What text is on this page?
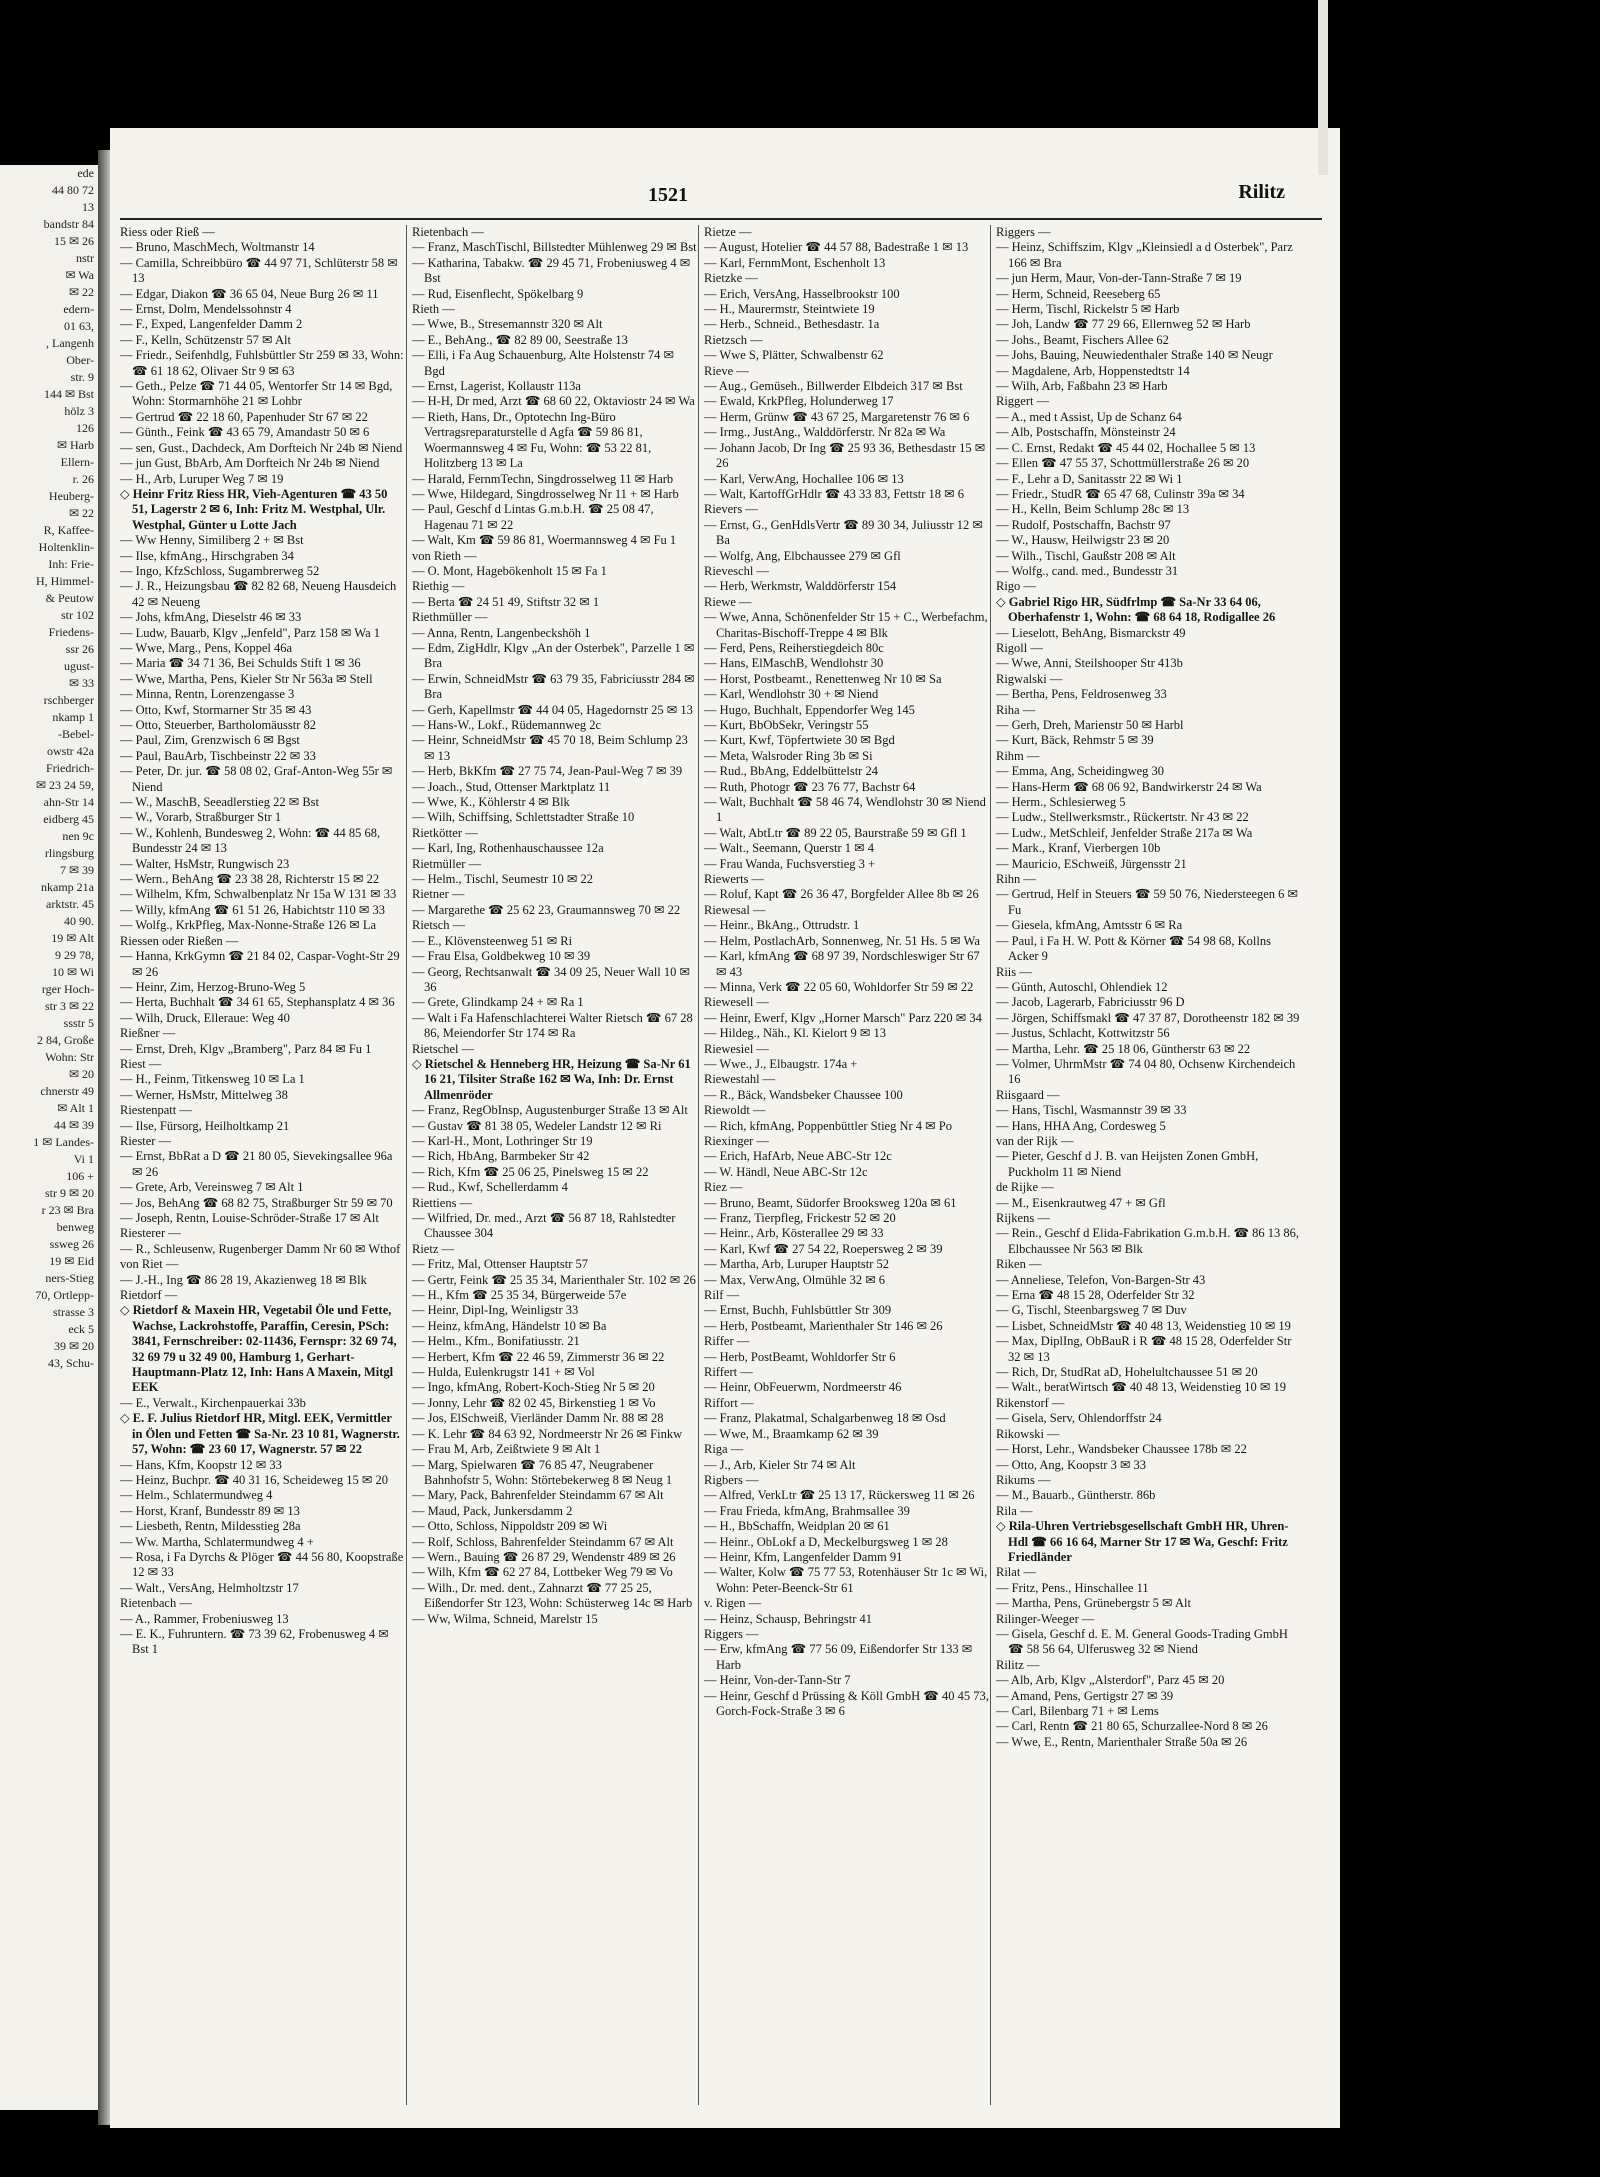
ede
44 80 72
13
bandstr 84
15 ✉ 26
nstr
✉ Wa
✉ 22
edern-
01 63,
, Langenh
Ober-
str. 9
144 ✉ Bst
hölz 3
126
✉ Harb
Ellern-
r. 26
Heuberg-
✉ 22
R, Kaffee-
Holtenklin-
Inh: Frie-
H, Himmel-
& Peutow
str 102
Friedens-
ssr 26
ugust-
✉ 33
rschberger
nkamp 1
-Bebel-
owstr 42a
Friedrich-
✉ 23 24 59,
ahn-Str 14
eidberg 45
nen 9c
rlingsburg
7 ✉ 39
nkamp 21a
arktstr. 45
40 90.
19 ✉ Alt
9 29 78,
10 ✉ Wi
rger Hoch-
str 3 ✉ 22
ssstr 5
2 84, Große
Wohn: Str
✉ 20
chnerstr 49
✉ Alt 1
44 ✉ 39
1 ✉ Landes-
Vi 1
106 +
str 9 ✉ 20
r 23 ✉ Bra
benweg
ssweg 26
19 ✉ Eid
ners-Stieg
70, Ortlepp-
strasse 3
eck 5
39 ✉ 20
43, Schu-
1521	Rilitz

Riess oder Rieß —

— Bruno, MaschMech, Woltmanstr 14

— Camilla, Schreibbüro ☎ 44 97 71, Schlüterstr 58 ✉ 13

— Edgar, Diakon ☎ 36 65 04, Neue Burg 26 ✉ 11

— Ernst, Dolm, Mendelssohnstr 4

— F., Exped, Langenfelder Damm 2

— F., Kelln, Schützenstr 57 ✉ Alt

— Friedr., Seifenhdlg, Fuhlsbüttler Str 259 ✉ 33, Wohn: ☎ 61 18 62, Olivaer Str 9 ✉ 63

— Geth., Pelze ☎ 71 44 05, Wentorfer Str 14 ✉ Bgd, Wohn: Stormarnhöhe 21 ✉ Lohbr

— Gertrud ☎ 22 18 60, Papenhuder Str 67 ✉ 22

— Günth., Feink ☎ 43 65 79, Amandastr 50 ✉ 6

— sen, Gust., Dachdeck, Am Dorfteich Nr 24b ✉ Niend

— jun Gust, BbArb, Am Dorfteich Nr 24b ✉ Niend

— H., Arb, Luruper Weg 7 ✉ 19

◇ Heinr Fritz Riess HR, Vieh-Agenturen ☎ 43 50 51, Lagerstr 2 ✉ 6, Inh: Fritz M. Westphal, Ulr. Westphal, Günter u Lotte Jach

— Ww Henny, Similiberg 2 + ✉ Bst

— Ilse, kfmAng., Hirschgraben 34

— Ingo, KfzSchloss, Sugambrerweg 52

— J. R., Heizungsbau ☎ 82 82 68, Neueng Hausdeich 42 ✉ Neueng

— Johs, kfmAng, Dieselstr 46 ✉ 33

— Ludw, Bauarb, Klgv „Jenfeld", Parz 158 ✉ Wa 1

— Wwe, Marg., Pens, Koppel 46a

— Maria ☎ 34 71 36, Bei Schulds Stift 1 ✉ 36

— Wwe, Martha, Pens, Kieler Str Nr 563a ✉ Stell

— Minna, Rentn, Lorenzengasse 3

— Otto, Kwf, Stormarner Str 35 ✉ 43

— Otto, Steuerber, Bartholomäusstr 82

— Paul, Zim, Grenzwisch 6 ✉ Bgst

— Paul, BauArb, Tischbeinstr 22 ✉ 33

— Peter, Dr. jur. ☎ 58 08 02, Graf-Anton-Weg 55r ✉ Niend

— W., MaschB, Seeadlerstieg 22 ✉ Bst

— W., Vorarb, Straßburger Str 1

— W., Kohlenh, Bundesweg 2, Wohn: ☎ 44 85 68, Bundesstr 24 ✉ 13

— Walter, HsMstr, Rungwisch 23

— Wern., BehAng ☎ 23 38 28, Richterstr 15 ✉ 22

— Wilhelm, Kfm, Schwalbenplatz Nr 15a W 131 ✉ 33

— Willy, kfmAng ☎ 61 51 26, Habichtstr 110 ✉ 33

— Wolfg., KrkPfleg, Max-Nonne-Straße 126 ✉ La

Riessen oder Rießen —

— Hanna, KrkGymn ☎ 21 84 02, Caspar-Voght-Str 29 ✉ 26

— Heinr, Zim, Herzog-Bruno-Weg 5

— Herta, Buchhalt ☎ 34 61 65, Stephansplatz 4 ✉ 36

— Wilh, Druck, Elleraue: Weg 40

Rießner —

— Ernst, Dreh, Klgv „Bramberg", Parz 84 ✉ Fu 1

Riest —

— H., Feinm, Titkensweg 10 ✉ La 1

— Werner, HsMstr, Mittelweg 38

Riestenpatt —

— Ilse, Fürsorg, Heilholtkamp 21

Riester —

— Ernst, BbRat a D ☎ 21 80 05, Sievekingsallee 96a ✉ 26

— Grete, Arb, Vereinsweg 7 ✉ Alt 1

— Jos, BehAng ☎ 68 82 75, Straßburger Str 59 ✉ 70

— Joseph, Rentn, Louise-Schröder-Straße 17 ✉ Alt

Riesterer —

— R., Schleusenw, Rugenberger Damm Nr 60 ✉ Wthof

von Riet —

— J.-H., Ing ☎ 86 28 19, Akazienweg 18 ✉ Blk

Rietdorf —

◇ Rietdorf & Maxein HR, Vegetabil Öle und Fette, Wachse, Lackrohstoffe, Paraffin, Ceresin, PSch: 3841, Fernschreiber: 02-11436, Fernspr: 32 69 74, 32 69 79 u 32 49 00, Hamburg 1, Gerhart-Hauptmann-Platz 12, Inh: Hans A Maxein, Mitgl EEK

— E., Verwalt., Kirchenpauerkai 33b

◇ E. F. Julius Rietdorf HR, Mitgl. EEK, Vermittler in Ölen und Fetten ☎ Sa-Nr. 23 10 81, Wagnerstr. 57, Wohn: ☎ 23 60 17, Wagnerstr. 57 ✉ 22

— Hans, Kfm, Koopstr 12 ✉ 33

— Heinz, Buchpr. ☎ 40 31 16, Scheideweg 15 ✉ 20

— Helm., Schlatermundweg 4

— Horst, Kranf, Bundesstr 89 ✉ 13

— Liesbeth, Rentn, Mildesstieg 28a

— Ww. Martha, Schlatermundweg 4 +

— Rosa, i Fa Dyrchs & Plöger ☎ 44 56 80, Koopstraße 12 ✉ 33

— Walt., VersAng, Helmholtzstr 17

Rietenbach —

— A., Rammer, Frobeniusweg 13

— E. K., Fuhruntern. ☎ 73 39 62, Frobenusweg 4 ✉ Bst 1

Rietenbach —

— Franz, MaschTischl, Billstedter Mühlenweg 29 ✉ Bst

— Katharina, Tabakw. ☎ 29 45 71, Frobeniusweg 4 ✉ Bst

— Rud, Eisenflecht, Spökelbarg 9

Rieth —

— Wwe, B., Stresemannstr 320 ✉ Alt

— E., BehAng., ☎ 82 89 00, Seestraße 13

— Elli, i Fa Aug Schauenburg, Alte Holstenstr 74 ✉ Bgd

— Ernst, Lagerist, Kollaustr 113a

— H-H, Dr med, Arzt ☎ 68 60 22, Oktaviostr 24 ✉ Wa

— Rieth, Hans, Dr., Optotechn Ing-Büro Vertragsreparaturstelle d Agfa ☎ 59 86 81, Woermannsweg 4 ✉ Fu, Wohn: ☎ 53 22 81, Holitzberg 13 ✉ La

— Harald, FernmTechn, Singdrosselweg 11 ✉ Harb

— Wwe, Hildegard, Singdrosselweg Nr 11 + ✉ Harb

— Paul, Geschf d Lintas G.m.b.H. ☎ 25 08 47, Hagenau 71 ✉ 22

— Walt, Km ☎ 59 86 81, Woermannsweg 4 ✉ Fu 1

von Rieth —

— O. Mont, Hagebökenholt 15 ✉ Fa 1

Riethig —

— Berta ☎ 24 51 49, Stiftstr 32 ✉ 1

Riethmüller —

— Anna, Rentn, Langenbeckshöh 1

— Edm, ZigHdlr, Klgv „An der Osterbek", Parzelle 1 ✉ Bra

— Erwin, SchneidMstr ☎ 63 79 35, Fabriciusstr 284 ✉ Bra

— Gerh, Kapellmstr ☎ 44 04 05, Hagedornstr 25 ✉ 13

— Hans-W., Lokf., Rüdemannweg 2c

— Heinr, SchneidMstr ☎ 45 70 18, Beim Schlump 23 ✉ 13

— Herb, BkKfm ☎ 27 75 74, Jean-Paul-Weg 7 ✉ 39

— Joach., Stud, Ottenser Marktplatz 11

— Wwe, K., Köhlerstr 4 ✉ Blk

— Wilh, Schiffsing, Schlettstadter Straße 10

Rietkötter —

— Karl, Ing, Rothenhauschaussee 12a

Rietmüller —

— Helm., Tischl, Seumestr 10 ✉ 22

Rietner —

— Margarethe ☎ 25 62 23, Graumannsweg 70 ✉ 22

Rietsch —

— E., Klövensteenweg 51 ✉ Ri

— Frau Elsa, Goldbekweg 10 ✉ 39

— Georg, Rechtsanwalt ☎ 34 09 25, Neuer Wall 10 ✉ 36

— Grete, Glindkamp 24 + ✉ Ra 1

— Walt i Fa Hafenschlachterei Walter Rietsch ☎ 67 28 86, Meiendorfer Str 174 ✉ Ra

Rietschel —

◇ Rietschel & Henneberg HR, Heizung ☎ Sa-Nr 61 16 21, Tilsiter Straße 162 ✉ Wa, Inh: Dr. Ernst Allmenröder

— Franz, RegObInsp, Augustenburger Straße 13 ✉ Alt

— Gustav ☎ 81 38 05, Wedeler Landstr 12 ✉ Ri

— Karl-H., Mont, Lothringer Str 19

— Rich, HbAng, Barmbeker Str 42

— Rich, Kfm ☎ 25 06 25, Pinelsweg 15 ✉ 22

— Rud., Kwf, Schellerdamm 4

Riettiens —

— Wilfried, Dr. med., Arzt ☎ 56 87 18, Rahlstedter Chaussee 304

Rietz —

— Fritz, Mal, Ottenser Hauptstr 57

— Gertr, Feink ☎ 25 35 34, Marienthaler Str. 102 ✉ 26

— H., Kfm ☎ 25 35 34, Bürgerweide 57e

— Heinr, Dipl-Ing, Weinligstr 33

— Heinz, kfmAng, Händelstr 10 ✉ Ba

— Helm., Kfm., Bonifatiusstr. 21

— Herbert, Kfm ☎ 22 46 59, Zimmerstr 36 ✉ 22

— Hulda, Eulenkrugstr 141 + ✉ Vol

— Ingo, kfmAng, Robert-Koch-Stieg Nr 5 ✉ 20

— Jonny, Lehr ☎ 82 02 45, Birkenstieg 1 ✉ Vo

— Jos, ElSchweiß, Vierländer Damm Nr. 88 ✉ 28

— K. Lehr ☎ 84 63 92, Nordmeerstr Nr 26 ✉ Finkw

— Frau M, Arb, Zeißtwiete 9 ✉ Alt 1

— Marg, Spielwaren ☎ 76 85 47, Neugrabener Bahnhofstr 5, Wohn: Störtebekerweg 8 ✉ Neug 1

— Mary, Pack, Bahrenfelder Steindamm 67 ✉ Alt

— Maud, Pack, Junkersdamm 2

— Otto, Schloss, Nippoldstr 209 ✉ Wi

— Rolf, Schloss, Bahrenfelder Steindamm 67 ✉ Alt

— Wern., Bauing ☎ 26 87 29, Wendenstr 489 ✉ 26

— Wilh, Kfm ☎ 62 27 84, Lottbeker Weg 79 ✉ Vo

— Wilh., Dr. med. dent., Zahnarzt ☎ 77 25 25, Eißendorfer Str 123, Wohn: Schüsterweg 14c ✉ Harb

— Ww, Wilma, Schneid, Marelstr 15

Rietze —

— August, Hotelier ☎ 44 57 88, Badestraße 1 ✉ 13

— Karl, FernmMont, Eschenholt 13

Rietzke —

— Erich, VersAng, Hasselbrookstr 100

— H., Maurermstr, Steintwiete 19

— Herb., Schneid., Bethesdastr. 1a

Rietzsch —

— Wwe S, Plätter, Schwalbenstr 62

Rieve —

— Aug., Gemüseh., Billwerder Elbdeich 317 ✉ Bst

— Ewald, KrkPfleg, Holunderweg 17

— Herm, Grünw ☎ 43 67 25, Margaretenstr 76 ✉ 6

— Irmg., JustAng., Walddörferstr. Nr 82a ✉ Wa

— Johann Jacob, Dr Ing ☎ 25 93 36, Bethesdastr 15 ✉ 26

— Karl, VerwAng, Hochallee 106 ✉ 13

— Walt, KartoffGrHdlr ☎ 43 33 83, Fettstr 18 ✉ 6

Rievers —

— Ernst, G., GenHdlsVertr ☎ 89 30 34, Juliusstr 12 ✉ Ba

— Wolfg, Ang, Elbchaussee 279 ✉ Gfl

Rieveschl —

— Herb, Werkmstr, Walddörferstr 154

Riewe —

— Wwe, Anna, Schönenfelder Str 15 + C., Werbefachm, Charitas-Bischoff-Treppe 4 ✉ Blk

— Ferd, Pens, Reiherstiegdeich 80c

— Hans, ElMaschB, Wendlohstr 30

— Horst, Postbeamt., Renettenweg Nr 10 ✉ Sa

— Karl, Wendlohstr 30 + ✉ Niend

— Hugo, Buchhalt, Eppendorfer Weg 145

— Kurt, BbObSekr, Veringstr 55

— Kurt, Kwf, Töpfertwiete 30 ✉ Bgd

— Meta, Walsroder Ring 3b ✉ Si

— Rud., BbAng, Eddelbüttelstr 24

— Ruth, Photogr ☎ 23 76 77, Bachstr 64

— Walt, Buchhalt ☎ 58 46 74, Wendlohstr 30 ✉ Niend 1

— Walt, AbtLtr ☎ 89 22 05, Baurstraße 59 ✉ Gfl 1

— Walt., Seemann, Querstr 1 ✉ 4

— Frau Wanda, Fuchsverstieg 3 +

Riewerts —

— Roluf, Kapt ☎ 26 36 47, Borgfelder Allee 8b ✉ 26

Riewesal —

— Heinr., BkAng., Ottrudstr. 1

— Helm, PostlachArb, Sonnenweg, Nr. 51 Hs. 5 ✉ Wa

— Karl, kfmAng ☎ 68 97 39, Nordschleswiger Str 67 ✉ 43

— Minna, Verk ☎ 22 05 60, Wohldorfer Str 59 ✉ 22

Riewesell —

— Heinr, Ewerf, Klgv „Horner Marsch" Parz 220 ✉ 34

— Hildeg., Näh., Kl. Kielort 9 ✉ 13

Riewesiel —

— Wwe., J., Elbaugstr. 174a +

Riewestahl —

— R., Bäck, Wandsbeker Chaussee 100

Riewoldt —

— Rich, kfmAng, Poppenbüttler Stieg Nr 4 ✉ Po

Riexinger —

— Erich, HafArb, Neue ABC-Str 12c

— W. Händl, Neue ABC-Str 12c

Riez —

— Bruno, Beamt, Südorfer Brooksweg 120a ✉ 61

— Franz, Tierpfleg, Frickestr 52 ✉ 20

— Heinr., Arb, Kösterallee 29 ✉ 33

— Karl, Kwf ☎ 27 54 22, Roepersweg 2 ✉ 39

— Martha, Arb, Luruper Hauptstr 52

— Max, VerwAng, Olmühle 32 ✉ 6

Rilf —

— Ernst, Buchh, Fuhlsbüttler Str 309

— Herb, Postbeamt, Marienthaler Str 146 ✉ 26

Riffer —

— Herb, PostBeamt, Wohldorfer Str 6

Riffert —

— Heinr, ObFeuerwm, Nordmeerstr 46

Riffort —

— Franz, Plakatmal, Schalgarbenweg 18 ✉ Osd

— Wwe, M., Braamkamp 62 ✉ 39

Riga —

— J., Arb, Kieler Str 74 ✉ Alt

Rigbers —

— Alfred, VerkLtr ☎ 25 13 17, Rückersweg 11 ✉ 26

— Frau Frieda, kfmAng, Brahmsallee 39

— H., BbSchaffn, Weidplan 20 ✉ 61

— Heinr., ObLokf a D, Meckelburgsweg 1 ✉ 28

— Heinr, Kfm, Langenfelder Damm 91

— Walter, Kolw ☎ 75 77 53, Rotenhäuser Str 1c ✉ Wi, Wohn: Peter-Beenck-Str 61

v. Rigen —

— Heinz, Schausp, Behringstr 41

Riggers —

— Erw, kfmAng ☎ 77 56 09, Eißendorfer Str 133 ✉ Harb

— Heinr, Von-der-Tann-Str 7

— Heinr, Geschf d Prüssing & Köll GmbH ☎ 40 45 73, Gorch-Fock-Straße 3 ✉ 6

Riggers —

— Heinz, Schiffszim, Klgv „Kleinsiedl a d Osterbek", Parz 166 ✉ Bra

— jun Herm, Maur, Von-der-Tann-Straße 7 ✉ 19

— Herm, Schneid, Reeseberg 65

— Herm, Tischl, Rickelstr 5 ✉ Harb

— Joh, Landw ☎ 77 29 66, Ellernweg 52 ✉ Harb

— Johs., Beamt, Fischers Allee 62

— Johs, Bauing, Neuwiedenthaler Straße 140 ✉ Neugr

— Magdalene, Arb, Hoppenstedtstr 14

— Wilh, Arb, Faßbahn 23 ✉ Harb

Riggert —

— A., med t Assist, Up de Schanz 64

— Alb, Postschaffn, Mönsteinstr 24

— C. Ernst, Redakt ☎ 45 44 02, Hochallee 5 ✉ 13

— Ellen ☎ 47 55 37, Schottmüllerstraße 26 ✉ 20

— F., Lehr a D, Sanitasstr 22 ✉ Wi 1

— Friedr., StudR ☎ 65 47 68, Culinstr 39a ✉ 34

— H., Kelln, Beim Schlump 28c ✉ 13

— Rudolf, Postschaffn, Bachstr 97

— W., Hausw, Heilwigstr 23 ✉ 20

— Wilh., Tischl, Gaußstr 208 ✉ Alt

— Wolfg., cand. med., Bundesstr 31

Rigo —

◇ Gabriel Rigo HR, Südfrlmp ☎ Sa-Nr 33 64 06, Oberhafenstr 1, Wohn: ☎ 68 64 18, Rodigallee 26

— Lieselott, BehAng, Bismarckstr 49

Rigoll —

— Wwe, Anni, Steilshooper Str 413b

Rigwalski —

— Bertha, Pens, Feldrosenweg 33

Riha —

— Gerh, Dreh, Marienstr 50 ✉ Harbl

— Kurt, Bäck, Rehmstr 5 ✉ 39

Rihm —

— Emma, Ang, Scheidingweg 30

— Hans-Herm ☎ 68 06 92, Bandwirkerstr 24 ✉ Wa

— Herm., Schlesierweg 5

— Ludw., Stellwerksmstr., Rückertstr. Nr 43 ✉ 22

— Ludw., MetSchleif, Jenfelder Straße 217a ✉ Wa

— Mark., Kranf, Vierbergen 10b

— Mauricio, ESchweiß, Jürgensstr 21

Rihn —

— Gertrud, Helf in Steuers ☎ 59 50 76, Niedersteegen 6 ✉ Fu

— Giesela, kfmAng, Amtsstr 6 ✉ Ra

— Paul, i Fa H. W. Pott & Körner ☎ 54 98 68, Kollns Acker 9

Riis —

— Günth, Autoschl, Ohlendiek 12

— Jacob, Lagerarb, Fabriciusstr 96 D

— Jörgen, Schiffsmakl ☎ 47 37 87, Dorotheenstr 182 ✉ 39

— Justus, Schlacht, Kottwitzstr 56

— Martha, Lehr. ☎ 25 18 06, Güntherstr 63 ✉ 22

— Volmer, UhrmMstr ☎ 74 04 80, Ochsenw Kirchendeich 16

Riisgaard —

— Hans, Tischl, Wasmannstr 39 ✉ 33

— Hans, HHA Ang, Cordesweg 5

van der Rijk —

— Pieter, Geschf d J. B. van Heijsten Zonen GmbH, Puckholm 11 ✉ Niend

de Rijke —

— M., Eisenkrautweg 47 + ✉ Gfl

Rijkens —

— Rein., Geschf d Elida-Fabrikation G.m.b.H. ☎ 86 13 86, Elbchaussee Nr 563 ✉ Blk

Riken —

— Anneliese, Telefon, Von-Bargen-Str 43

— Erna ☎ 48 15 28, Oderfelder Str 32

— G, Tischl, Steenbargsweg 7 ✉ Duv

— Lisbet, SchneidMstr ☎ 40 48 13, Weidenstieg 10 ✉ 19

— Max, DiplIng, ObBauR i R ☎ 48 15 28, Oderfelder Str 32 ✉ 13

— Rich, Dr, StudRat aD, Hohelultchaussee 51 ✉ 20

— Walt., beratWirtsch ☎ 40 48 13, Weidenstieg 10 ✉ 19

Rikenstorf —

— Gisela, Serv, Ohlendorffstr 24

Rikowski —

— Horst, Lehr., Wandsbeker Chaussee 178b ✉ 22

— Otto, Ang, Koopstr 3 ✉ 33

Rikums —

— M., Bauarb., Güntherstr. 86b

Rila —

◇ Rila-Uhren Vertriebsgesellschaft GmbH HR, Uhren-Hdl ☎ 66 16 64, Marner Str 17 ✉ Wa, Geschf: Fritz Friedländer

Rilat —

— Fritz, Pens., Hinschallee 11

— Martha, Pens, Grünebergstr 5 ✉ Alt

Rilinger-Weeger —

— Gisela, Geschf d. E. M. General Goods-Trading GmbH ☎ 58 56 64, Ulferusweg 32 ✉ Niend

Rilitz —

— Alb, Arb, Klgv „Alsterdorf", Parz 45 ✉ 20

— Amand, Pens, Gertigstr 27 ✉ 39

— Carl, Bilenbarg 71 + ✉ Lems

— Carl, Rentn ☎ 21 80 65, Schurzallee-Nord 8 ✉ 26

— Wwe, E., Rentn, Marienthaler Straße 50a ✉ 26
